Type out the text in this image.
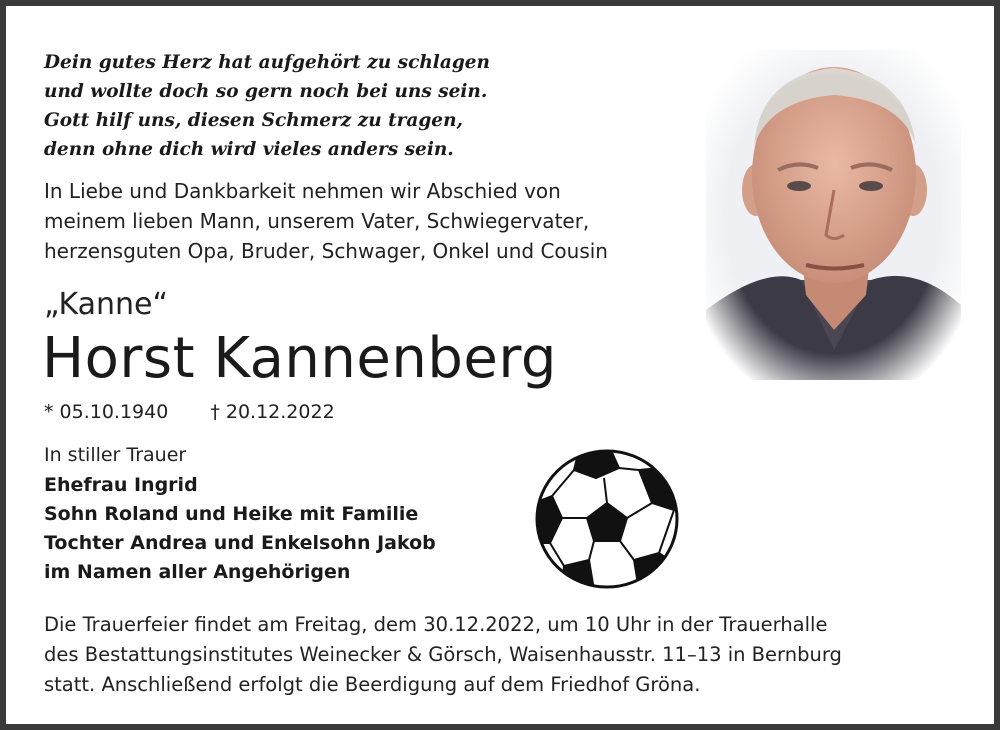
Dein gutes Herz hat aufgehört zu schlagen
und wollte doch so gern noch bei uns sein.
Gott hilf uns, diesen Schmerz zu tragen,
denn ohne dich wird vieles anders sein.
In Liebe und Dankbarkeit nehmen wir Abschied von
meinem lieben Mann, unserem Vater, Schwiegervater,
herzensguten Opa, Bruder, Schwager, Onkel und Cousin
„Kanne“
Horst Kannenberg
* 05.10.1940 † 20.12.2022
In stiller Trauer
Ehefrau Ingrid
Sohn Roland und Heike mit Familie
Tochter Andrea und Enkelsohn Jakob
im Namen aller Angehörigen
Die Trauerfeier findet am Freitag, dem 30.12.2022, um 10 Uhr in der Trauerhalle
des Bestattungsinstitutes Weinecker & Görsch, Waisenhausstr. 11–13 in Bernburg
statt. Anschließend erfolgt die Beerdigung auf dem Friedhof Gröna.
